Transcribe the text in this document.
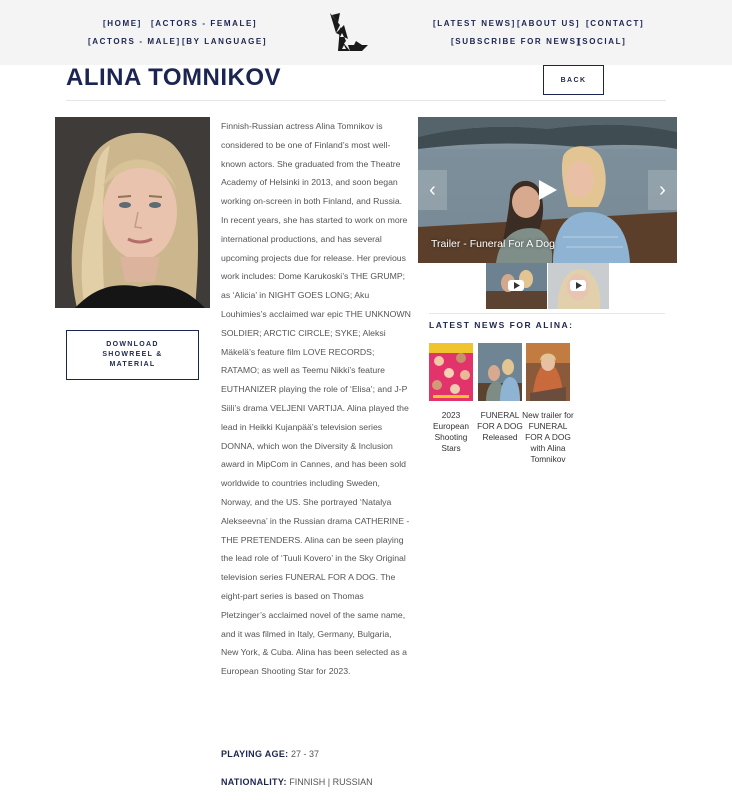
[HOME] [ACTORS - FEMALE]
[ACTORS - MALE] [BY LANGUAGE]
[LATEST NEWS] [ABOUT US] [CONTACT]
[SUBSCRIBE FOR NEWS]
[SOCIAL]
ALINA TOMNIKOV	BACK
DOWNLOAD SHOWREEL & MATERIAL

Finnish-Russian actress Alina Tomnikov is considered to be one of Finland’s most well-known actors. She graduated from the Theatre Academy of Helsinki in 2013, and soon began working on-screen in both Finland, and Russia. In recent years, she has started to work on more international productions, and has several upcoming projects due for release. Her previous work includes: Dome Karukoski’s THE GRUMP; as ‘Alicia’ in NIGHT GOES LONG; Aku Louhimies’s acclaimed war epic THE UNKNOWN SOLDIER; ARCTIC CIRCLE; SYKE; Aleksi Mäkelä’s feature film LOVE RECORDS; RATAMO; as well as Teemu Nikki’s feature EUTHANIZER playing the role of ‘Elisa’; and J-P Siili’s drama VELJENI VARTIJA. Alina played the lead in Heikki Kujanpää’s television series DONNA, which won the Diversity & Inclusion award in MipCom in Cannes, and has been sold worldwide to countries including Sweden, Norway, and the US. She portrayed ‘Natalya Alekseevna’ in the Russian drama CATHERINE - THE PRETENDERS. Alina can be seen playing the lead role of ‘Tuuli Kovero’ in the Sky Original television series FUNERAL FOR A DOG. The eight-part series is based on Thomas Pletzinger’s acclaimed novel of the same name, and it was filmed in Italy, Germany, Bulgaria, New York, & Cuba. Alina has been selected as a European Shooting Star for 2023.

PLAYING AGE: 27 - 37
NATIONALITY: FINNISH | RUSSIAN
‹	›
Trailer - Funeral For A Dog
LATEST NEWS FOR ALINA:
2023 European Shooting Stars
FUNERAL FOR A DOG Released
New trailer for FUNERAL FOR A DOG with Alina Tomnikov
